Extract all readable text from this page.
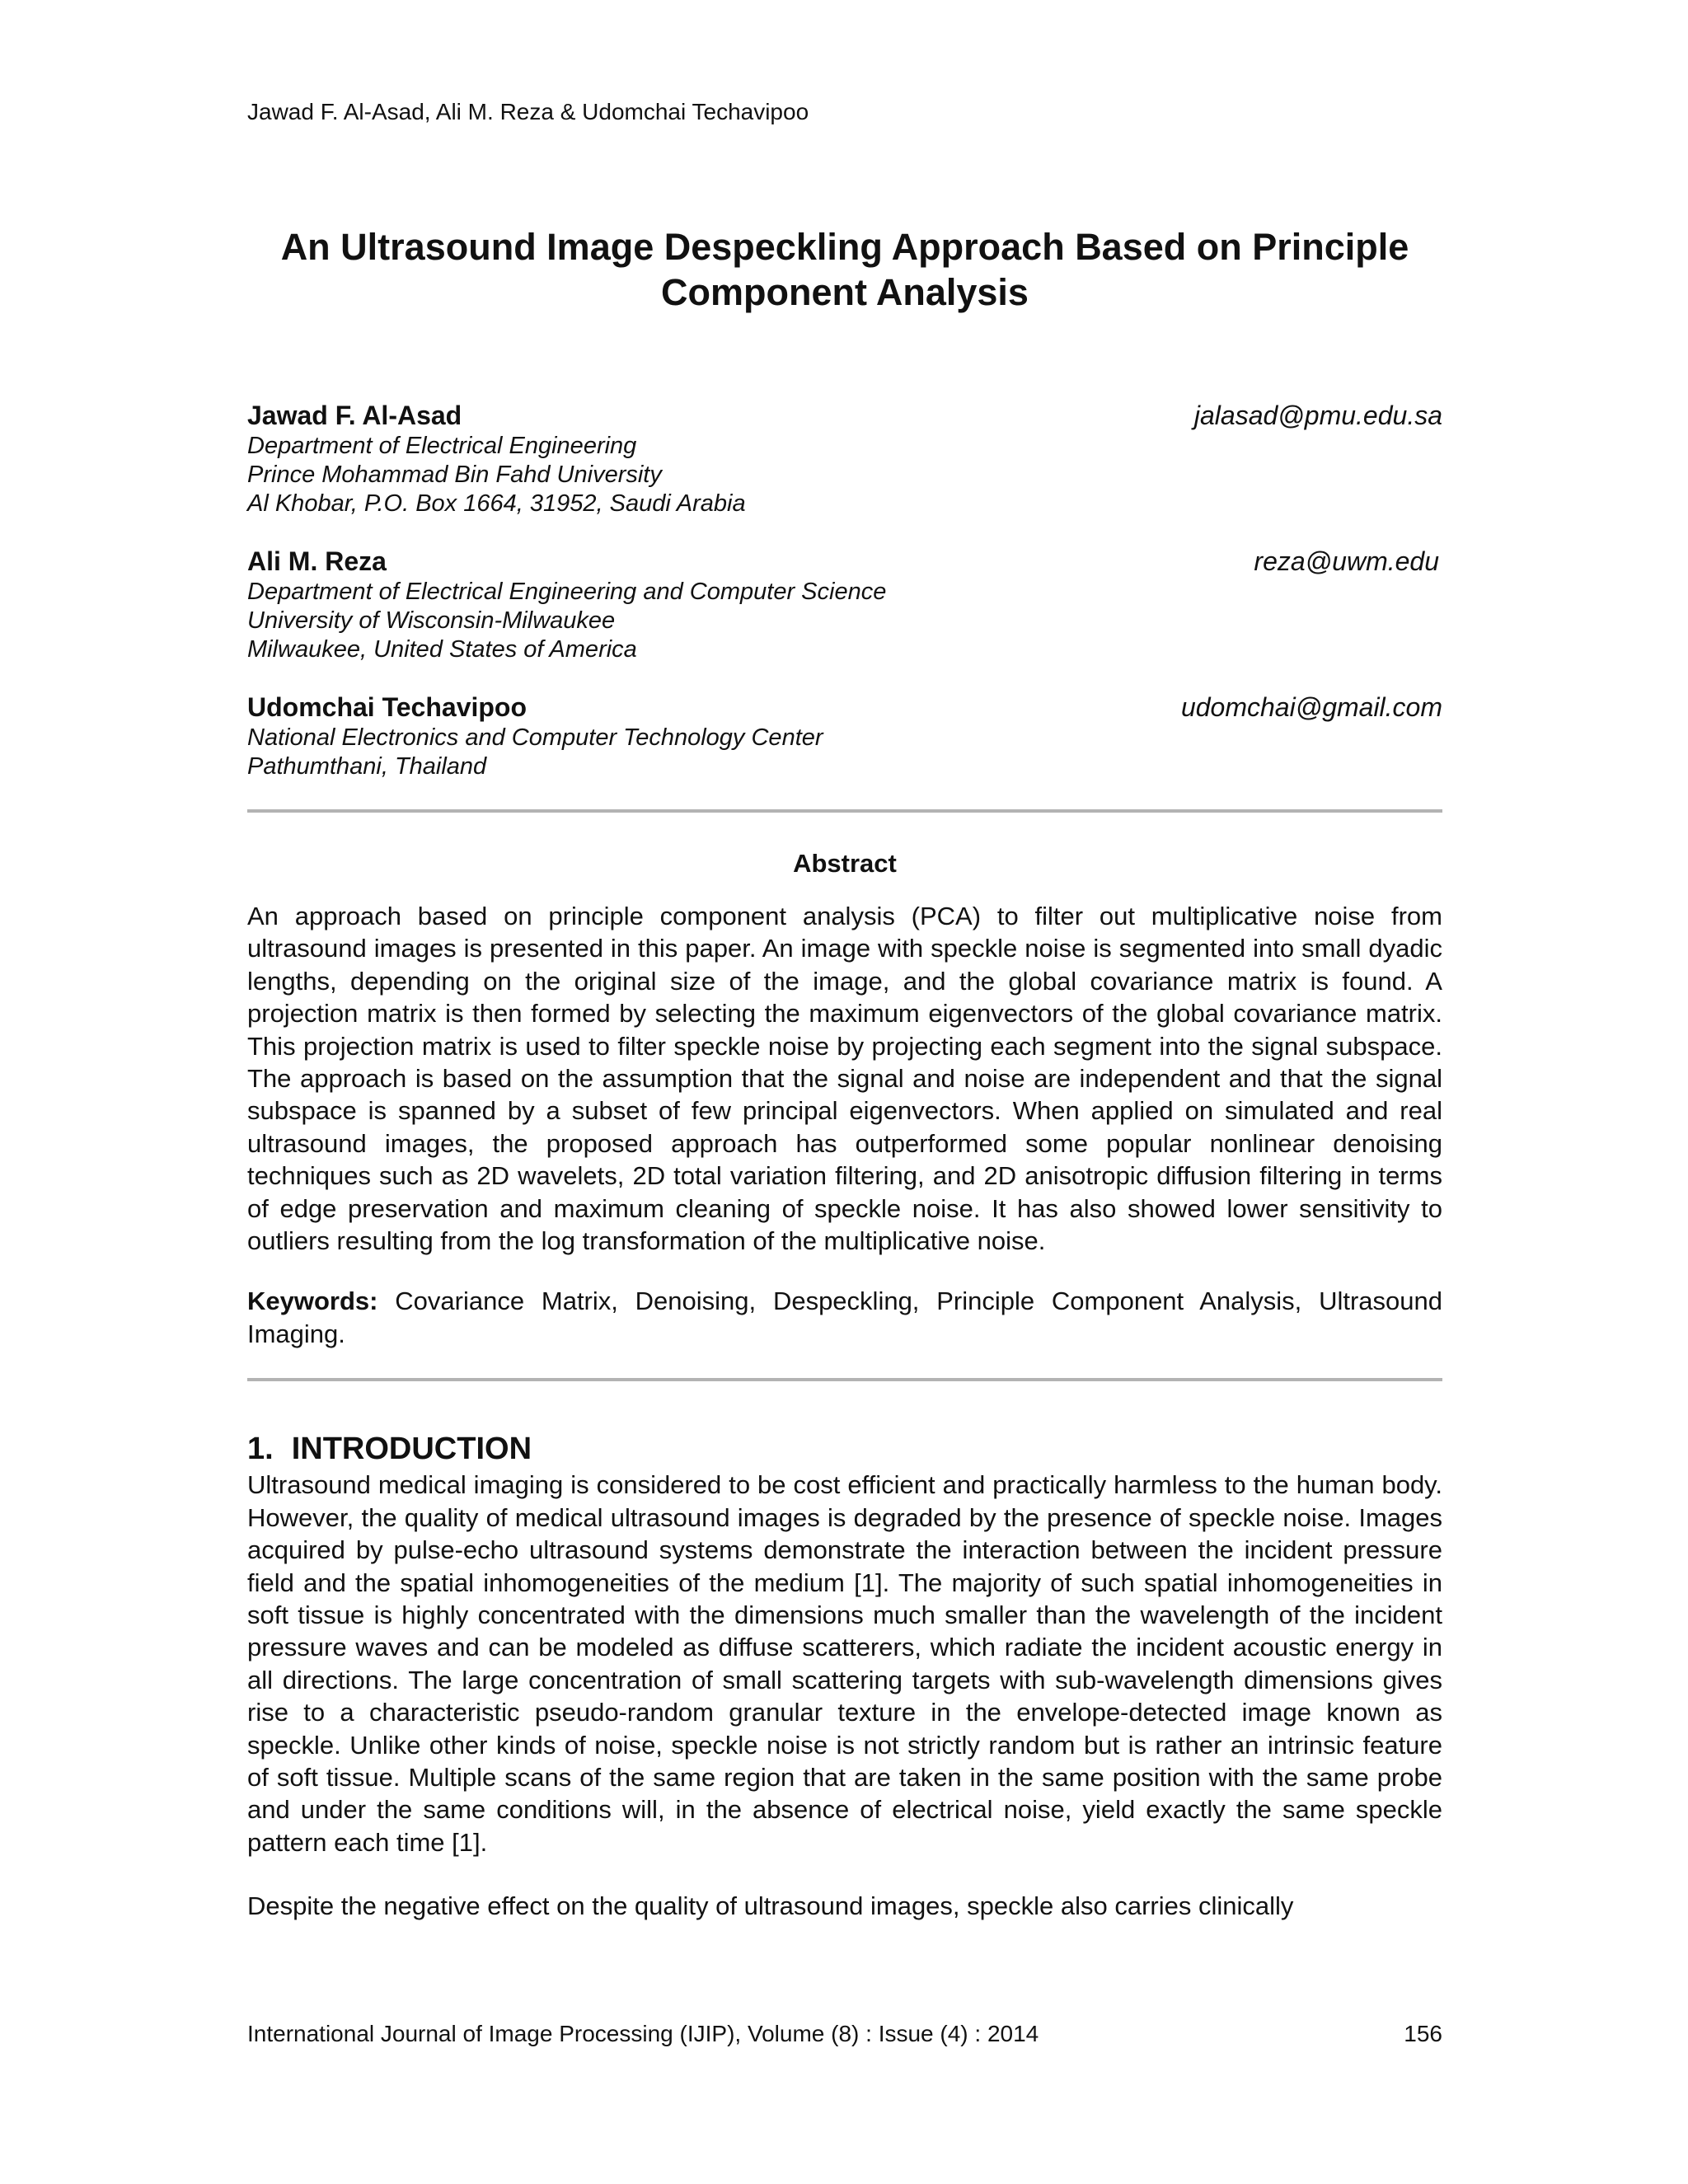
Jawad F. Al-Asad, Ali M. Reza & Udomchai Techavipoo

An Ultrasound Image Despeckling Approach Based on Principle
Component Analysis
Jawad F. Al-Asad	jalasad@pmu.edu.sa
Department of Electrical Engineering
Prince Mohammad Bin Fahd University
Al Khobar, P.O. Box 1664, 31952, Saudi Arabia
Ali M. Reza	reza@uwm.edu
Department of Electrical Engineering and Computer Science
University of Wisconsin-Milwaukee
Milwaukee, United States of America
Udomchai Techavipoo	udomchai@gmail.com
National Electronics and Computer Technology Center
Pathumthani, Thailand
Abstract

An approach based on principle component analysis (PCA) to filter out multiplicative noise from ultrasound images is presented in this paper. An image with speckle noise is segmented into small dyadic lengths, depending on the original size of the image, and the global covariance matrix is found. A projection matrix is then formed by selecting the maximum eigenvectors of the global covariance matrix. This projection matrix is used to filter speckle noise by projecting each segment into the signal subspace. The approach is based on the assumption that the signal and noise are independent and that the signal subspace is spanned by a subset of few principal eigenvectors. When applied on simulated and real ultrasound images, the proposed approach has outperformed some popular nonlinear denoising techniques such as 2D wavelets, 2D total variation filtering, and 2D anisotropic diffusion filtering in terms of edge preservation and maximum cleaning of speckle noise. It has also showed lower sensitivity to outliers resulting from the log transformation of the multiplicative noise.

Keywords: Covariance Matrix, Denoising, Despeckling, Principle Component Analysis, Ultrasound Imaging.

1. INTRODUCTION

Ultrasound medical imaging is considered to be cost efficient and practically harmless to the human body. However, the quality of medical ultrasound images is degraded by the presence of speckle noise. Images acquired by pulse-echo ultrasound systems demonstrate the interaction between the incident pressure field and the spatial inhomogeneities of the medium [1]. The majority of such spatial inhomogeneities in soft tissue is highly concentrated with the dimensions much smaller than the wavelength of the incident pressure waves and can be modeled as diffuse scatterers, which radiate the incident acoustic energy in all directions. The large concentration of small scattering targets with sub-wavelength dimensions gives rise to a characteristic pseudo-random granular texture in the envelope-detected image known as speckle. Unlike other kinds of noise, speckle noise is not strictly random but is rather an intrinsic feature of soft tissue. Multiple scans of the same region that are taken in the same position with the same probe and under the same conditions will, in the absence of electrical noise, yield exactly the same speckle pattern each time [1].

Despite the negative effect on the quality of ultrasound images, speckle also carries clinically

International Journal of Image Processing (IJIP), Volume (8) : Issue (4) : 2014	156
